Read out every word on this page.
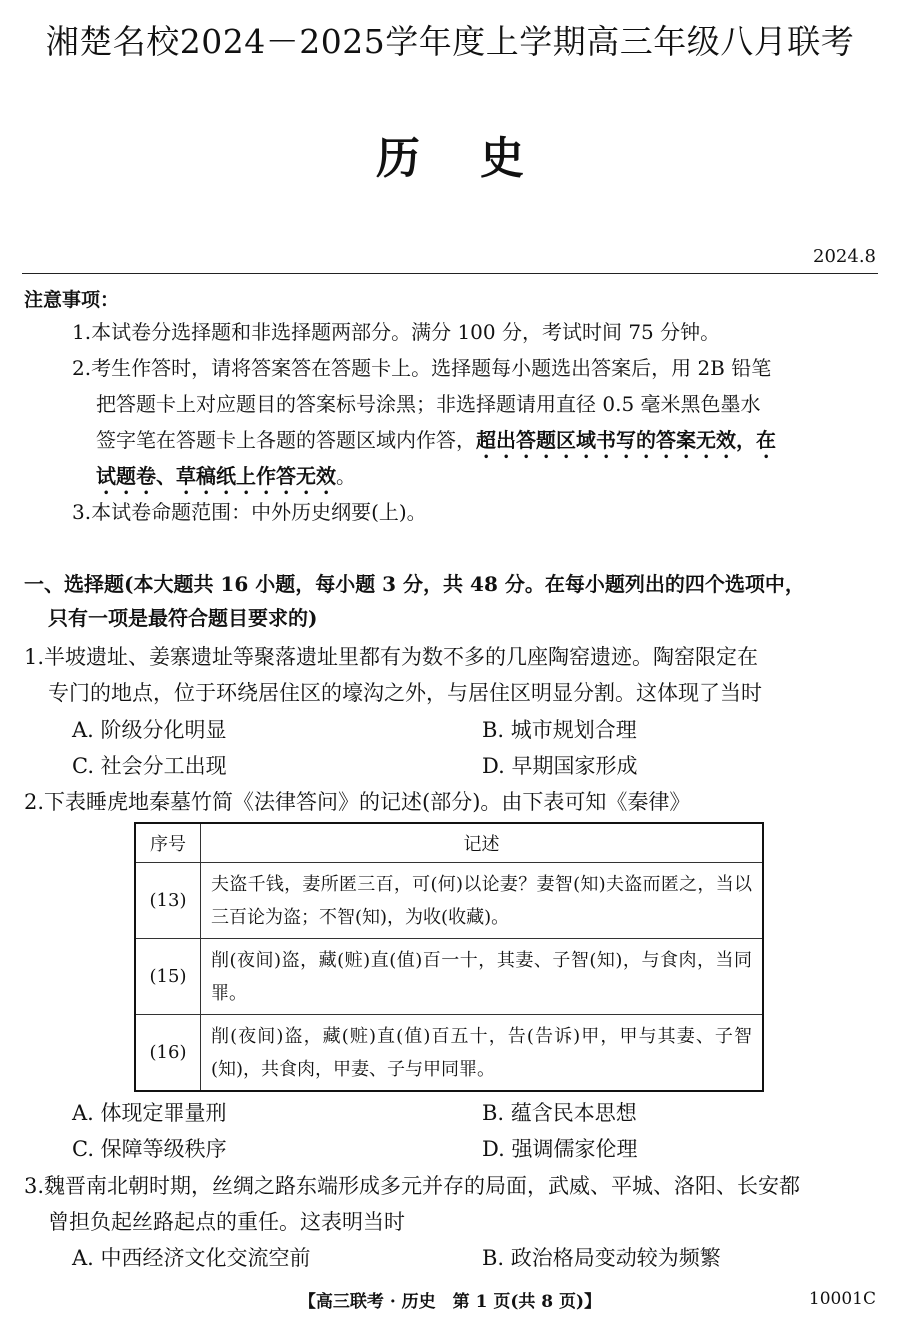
湘楚名校2024－2025学年度上学期高三年级八月联考
历史
2024.8
注意事项：
1.本试卷分选择题和非选择题两部分。满分 100 分，考试时间 75 分钟。
2.考生作答时，请将答案答在答题卡上。选择题每小题选出答案后，用 2B 铅笔
把答题卡上对应题目的答案标号涂黑；非选择题请用直径 0.5 毫米黑色墨水
签字笔在答题卡上各题的答题区域内作答，超出答题区域书写的答案无效，在
试题卷、草稿纸上作答无效。
3.本试卷命题范围：中外历史纲要(上)。
一、选择题(本大题共 16 小题，每小题 3 分，共 48 分。在每小题列出的四个选项中，
只有一项是最符合题目要求的)
1.半坡遗址、姜寨遗址等聚落遗址里都有为数不多的几座陶窑遗迹。陶窑限定在
专门的地点，位于环绕居住区的壕沟之外，与居住区明显分割。这体现了当时
A. 阶级分化明显	B. 城市规划合理
C. 社会分工出现	D. 早期国家形成
2.下表睡虎地秦墓竹简《法律答问》的记述(部分)。由下表可知《秦律》
序号	记述
(13)	夫盗千钱，妻所匿三百，可(何)以论妻？妻智(知)夫盗而匿之，当以三百论为盗；不智(知)，为收(收藏)。
(15)	削(夜间)盗，藏(赃)直(值)百一十，其妻、子智(知)，与食肉，当同罪。
(16)	削(夜间)盗，藏(赃)直(值)百五十，告(告诉)甲，甲与其妻、子智(知)，共食肉，甲妻、子与甲同罪。
A. 体现定罪量刑	B. 蕴含民本思想
C. 保障等级秩序	D. 强调儒家伦理
3.魏晋南北朝时期，丝绸之路东端形成多元并存的局面，武威、平城、洛阳、长安都
曾担负起丝路起点的重任。这表明当时
A. 中西经济文化交流空前	B. 政治格局变动较为频繁
【高三联考 · 历史　第 1 页(共 8 页)】	10001C
